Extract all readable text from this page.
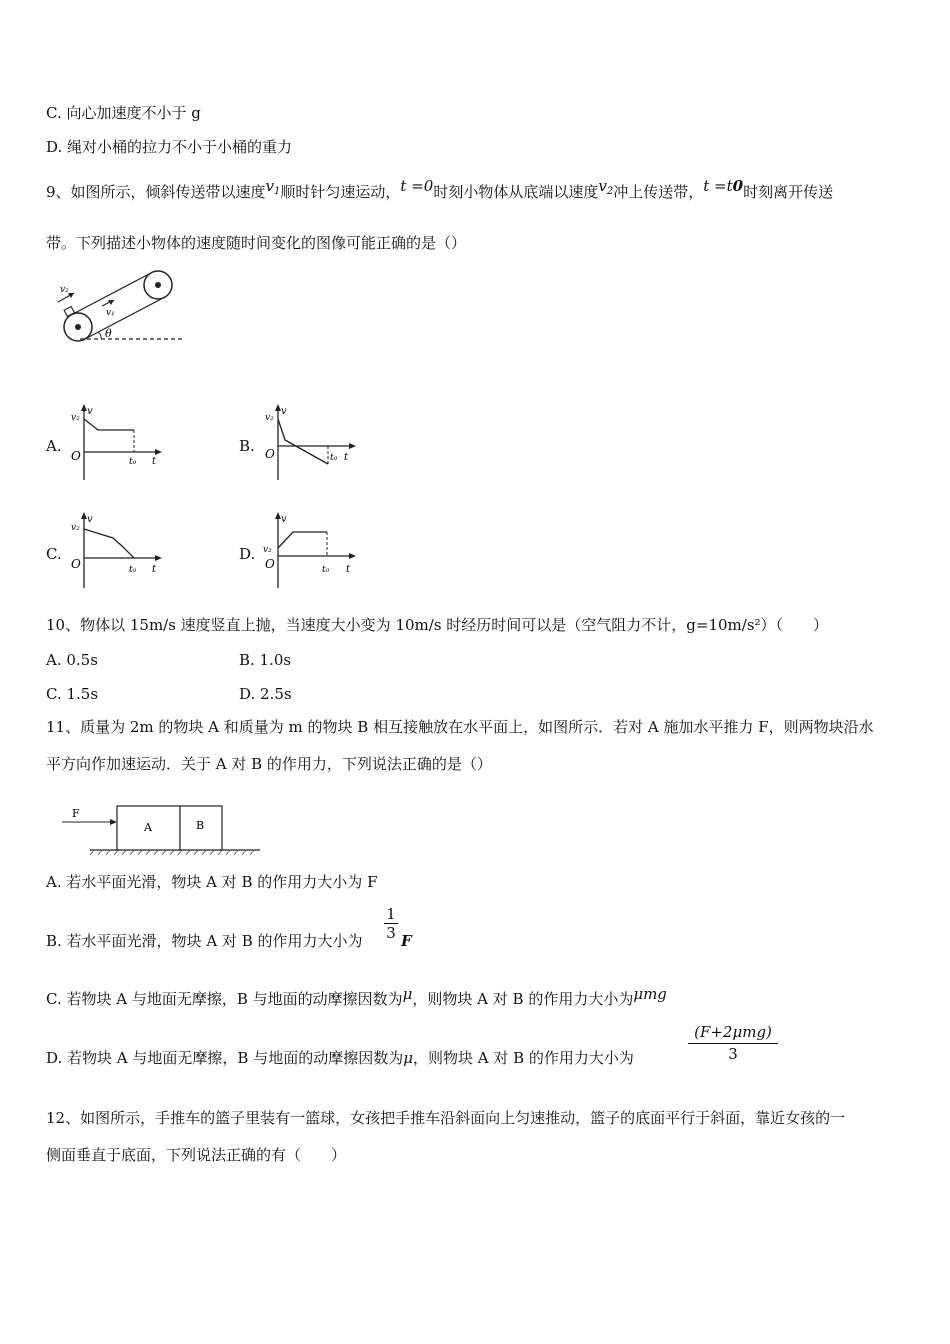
C. 向心加速度不小于 g
D. 绳对小桶的拉力不小于小桶的重力
9、如图所示，倾斜传送带以速度$v_1$顺时针匀速运动，t =0时刻小物体从底端以速度$v_2$冲上传送带，t =t0时刻离开传送
带。下列描述小物体的速度随时间变化的图像可能正确的是（）
v₂
v₁
θ
A.
v₂
v
O	t₀ t
B.
v₂
v
O	t₀ t
C.
v₂
v
O	t₀ t
D. v₂
v
O	t₀ t
10、物体以 15m/s 速度竖直上抛，当速度大小变为 10m/s 时经历时间可以是（空气阻力不计，g=10m/s²）（　　）
A. 0.5s	B. 1.0s
C. 1.5s	D. 2.5s
11、质量为 2m 的物块 A 和质量为 m 的物块 B 相互接触放在水平面上，如图所示．若对 A 施加水平推力 F，则两物块沿水
平方向作加速运动．关于 A 对 B 的作用力，下列说法正确的是（）
F
A	B
A. 若水平面光滑，物块 A 对 B 的作用力大小为 F
B. 若水平面光滑，物块 A 对 B 的作用力大小为 $\frac{1}{3}$ F
C. 若物块 A 与地面无摩擦，B 与地面的动摩擦因数为μ，则物块 A 对 B 的作用力大小为μmg
D. 若物块 A 与地面无摩擦，B 与地面的动摩擦因数为μ，则物块 A 对 B 的作用力大小为
(F+2μmg)
3
12、如图所示，手推车的篮子里装有一篮球，女孩把手推车沿斜面向上匀速推动，篮子的底面平行于斜面，靠近女孩的一
侧面垂直于底面，下列说法正确的有（　　）
